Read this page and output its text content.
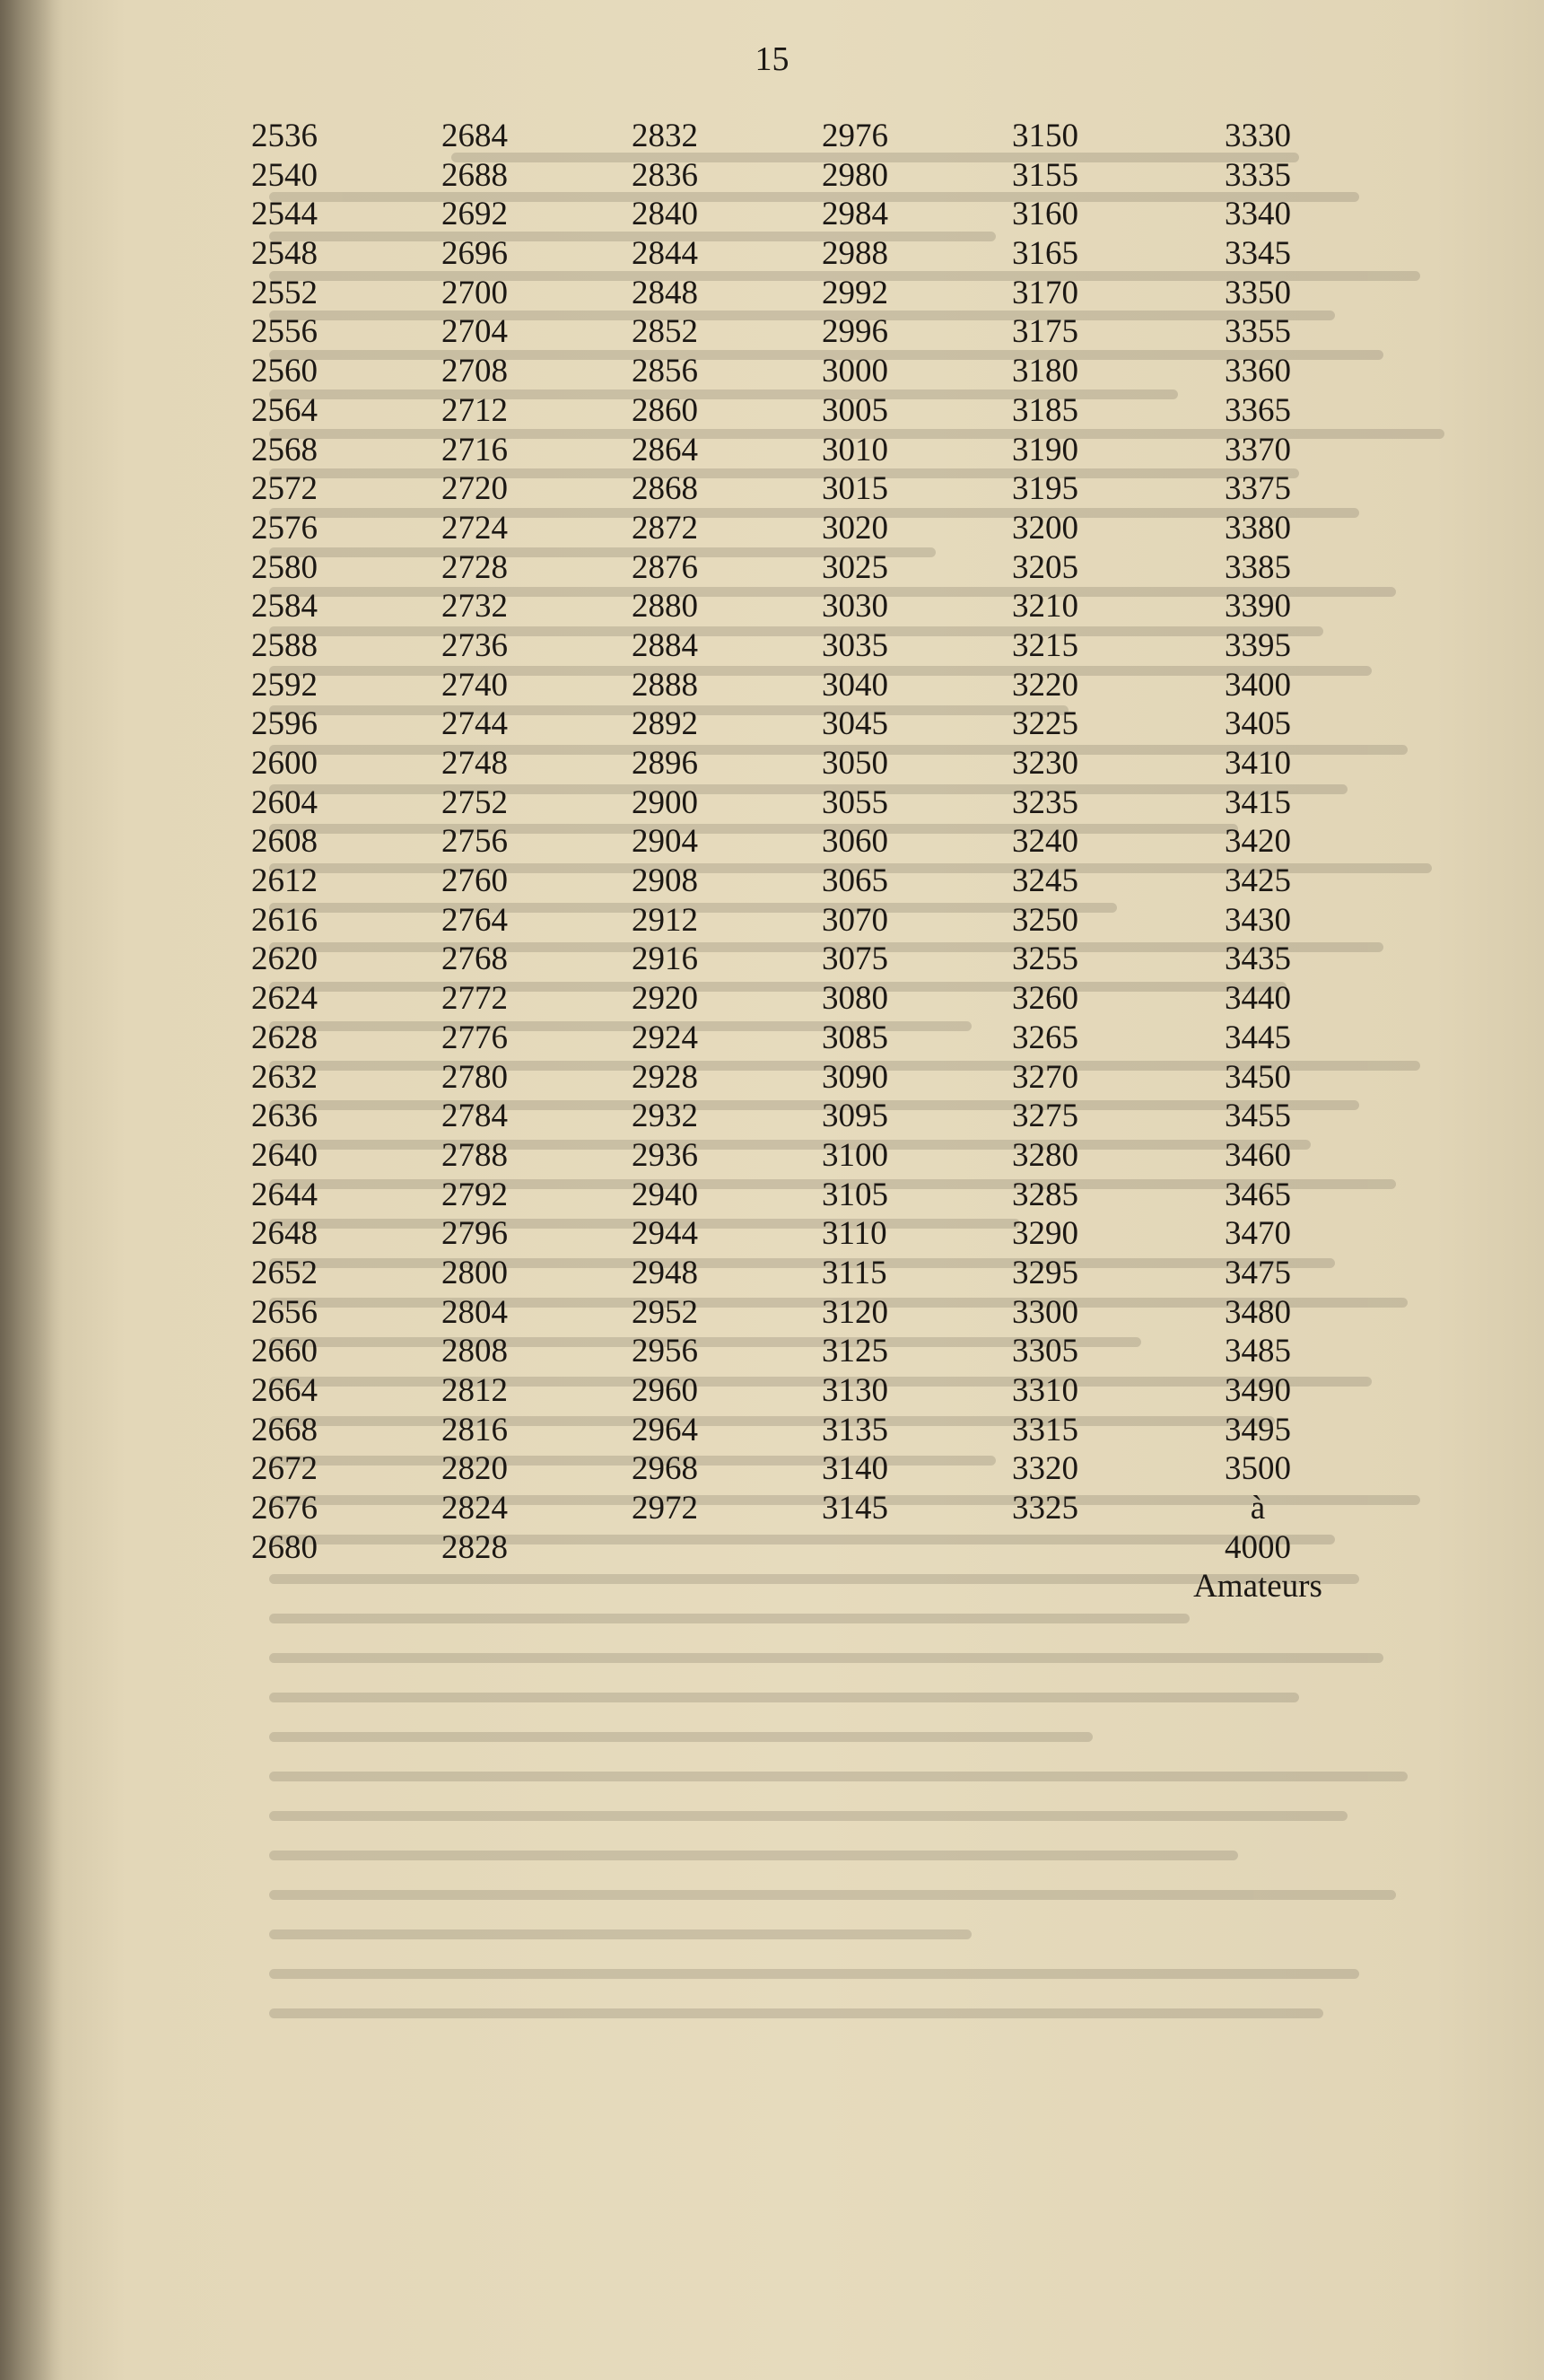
15
2536
2540
2544
2548
2552
2556
2560
2564
2568
2572
2576
2580
2584
2588
2592
2596
2600
2604
2608
2612
2616
2620
2624
2628
2632
2636
2640
2644
2648
2652
2656
2660
2664
2668
2672
2676
2680
2684
2688
2692
2696
2700
2704
2708
2712
2716
2720
2724
2728
2732
2736
2740
2744
2748
2752
2756
2760
2764
2768
2772
2776
2780
2784
2788
2792
2796
2800
2804
2808
2812
2816
2820
2824
2828
2832
2836
2840
2844
2848
2852
2856
2860
2864
2868
2872
2876
2880
2884
2888
2892
2896
2900
2904
2908
2912
2916
2920
2924
2928
2932
2936
2940
2944
2948
2952
2956
2960
2964
2968
2972
2976
2980
2984
2988
2992
2996
3000
3005
3010
3015
3020
3025
3030
3035
3040
3045
3050
3055
3060
3065
3070
3075
3080
3085
3090
3095
3100
3105
3110
3115
3120
3125
3130
3135
3140
3145
3150
3155
3160
3165
3170
3175
3180
3185
3190
3195
3200
3205
3210
3215
3220
3225
3230
3235
3240
3245
3250
3255
3260
3265
3270
3275
3280
3285
3290
3295
3300
3305
3310
3315
3320
3325
3330
3335
3340
3345
3350
3355
3360
3365
3370
3375
3380
3385
3390
3395
3400
3405
3410
3415
3420
3425
3430
3435
3440
3445
3450
3455
3460
3465
3470
3475
3480
3485
3490
3495
3500
à
4000
Amateurs
